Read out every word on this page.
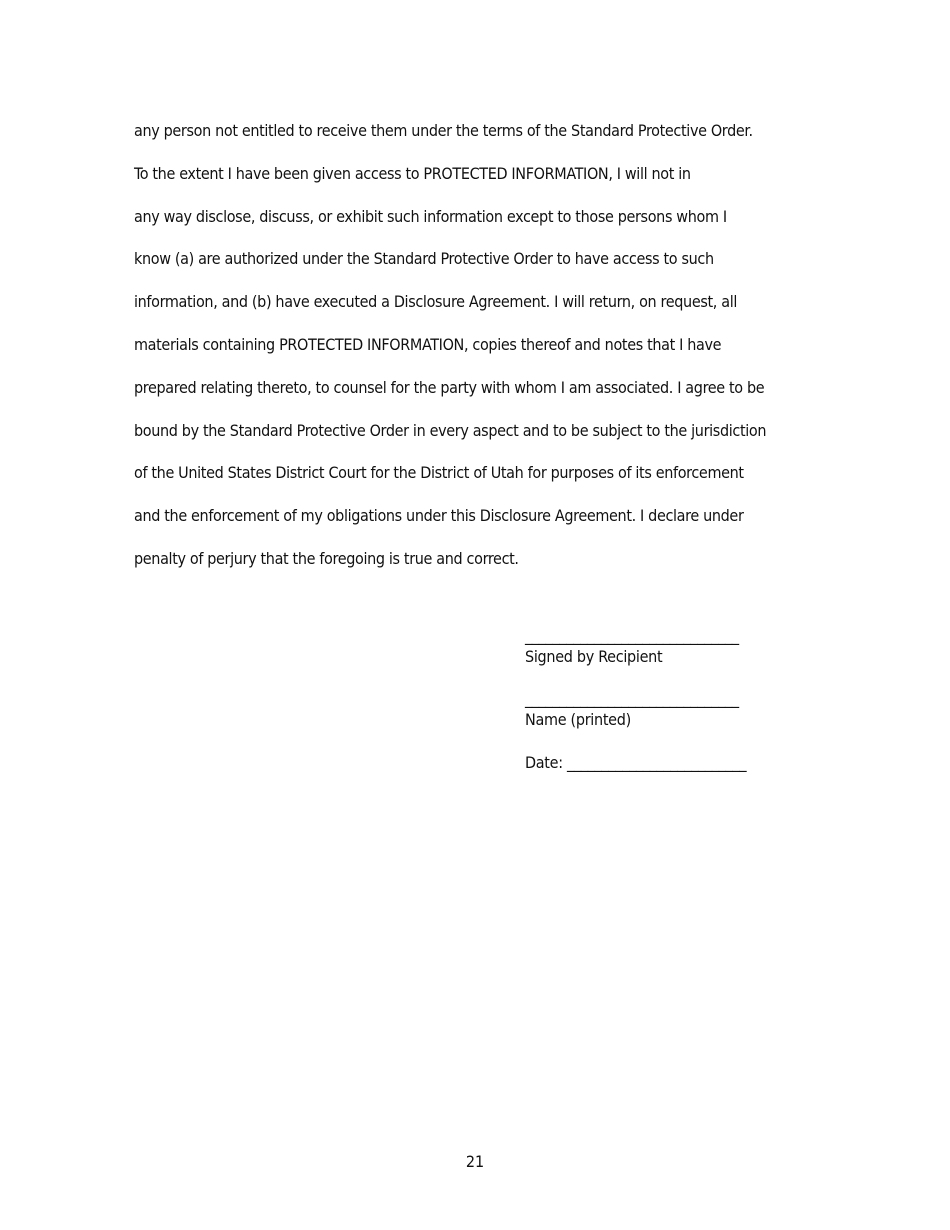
any person not entitled to receive them under the terms of the Standard Protective Order.
To the extent I have been given access to PROTECTED INFORMATION, I will not in
any way disclose, discuss, or exhibit such information except to those persons whom I
know (a) are authorized under the Standard Protective Order to have access to such
information, and (b) have executed a Disclosure Agreement. I will return, on request, all
materials containing PROTECTED INFORMATION, copies thereof and notes that I have
prepared relating thereto, to counsel for the party with whom I am associated. I agree to be
bound by the Standard Protective Order in every aspect and to be subject to the jurisdiction
of the United States District Court for the District of Utah for purposes of its enforcement
and the enforcement of my obligations under this Disclosure Agreement. I declare under
penalty of perjury that the foregoing is true and correct.
_______________________________
Signed by Recipient
_______________________________
Name (printed)
Date: __________________________
21
